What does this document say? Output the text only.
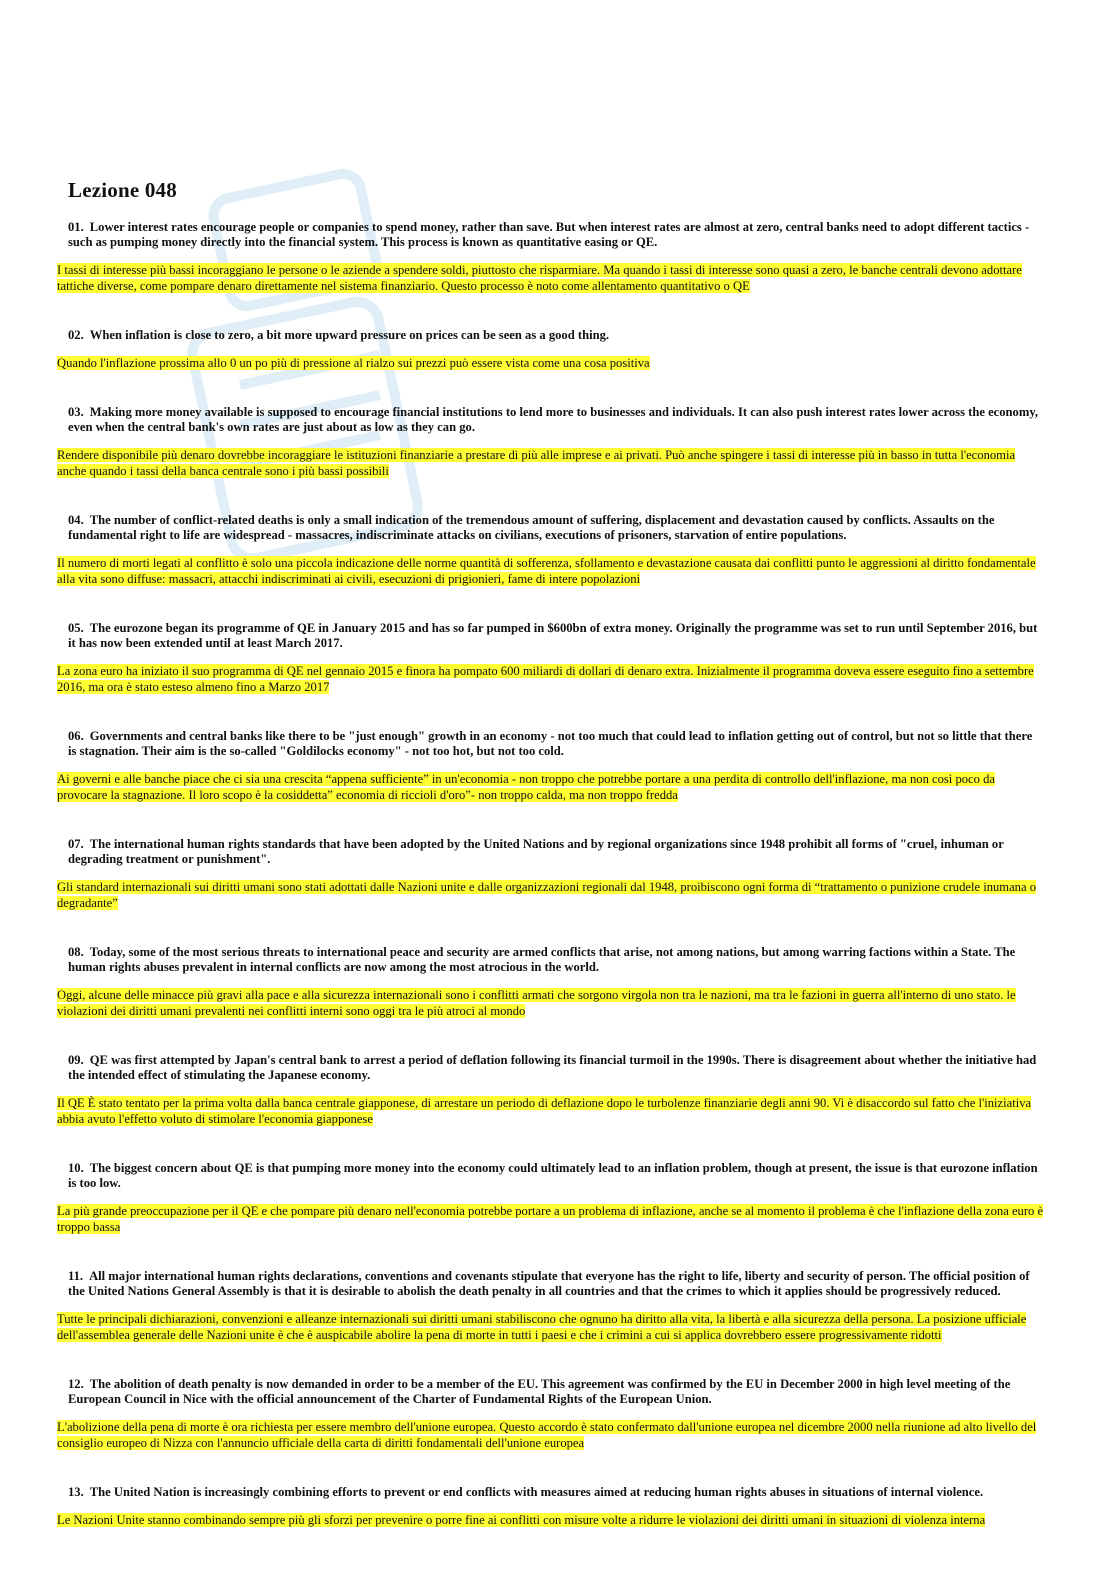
Lezione 048

01. Lower interest rates encourage people or companies to spend money, rather than save. But when interest rates are almost at zero, central banks need to adopt different tactics - such as pumping money directly into the financial system. This process is known as quantitative easing or QE.

I tassi di interesse più bassi incoraggiano le persone o le aziende a spendere soldi, piuttosto che risparmiare. Ma quando i tassi di interesse sono quasi a zero, le banche centrali devono adottare tattiche diverse, come pompare denaro direttamente nel sistema finanziario. Questo processo è noto come allentamento quantitativo o QE

02. When inflation is close to zero, a bit more upward pressure on prices can be seen as a good thing.

Quando l'inflazione prossima allo 0 un po più di pressione al rialzo sui prezzi può essere vista come una cosa positiva

03. Making more money available is supposed to encourage financial institutions to lend more to businesses and individuals. It can also push interest rates lower across the economy, even when the central bank's own rates are just about as low as they can go.

Rendere disponibile più denaro dovrebbe incoraggiare le istituzioni finanziarie a prestare di più alle imprese e ai privati. Può anche spingere i tassi di interesse più in basso in tutta l'economia anche quando i tassi della banca centrale sono i più bassi possibili

04. The number of conflict-related deaths is only a small indication of the tremendous amount of suffering, displacement and devastation caused by conflicts. Assaults on the fundamental right to life are widespread - massacres, indiscriminate attacks on civilians, executions of prisoners, starvation of entire populations.

Il numero di morti legati al conflitto è solo una piccola indicazione delle norme quantità di sofferenza, sfollamento e devastazione causata dai conflitti punto le aggressioni al diritto fondamentale alla vita sono diffuse: massacri, attacchi indiscriminati ai civili, esecuzioni di prigionieri, fame di intere popolazioni

05. The eurozone began its programme of QE in January 2015 and has so far pumped in $600bn of extra money. Originally the programme was set to run until September 2016, but it has now been extended until at least March 2017.

La zona euro ha iniziato il suo programma di QE nel gennaio 2015 e finora ha pompato 600 miliardi di dollari di denaro extra. Inizialmente il programma doveva essere eseguito fino a settembre 2016, ma ora è stato esteso almeno fino a Marzo 2017

06. Governments and central banks like there to be "just enough" growth in an economy - not too much that could lead to inflation getting out of control, but not so little that there is stagnation. Their aim is the so-called "Goldilocks economy" - not too hot, but not too cold.

Ai governi e alle banche piace che ci sia una crescita “appena sufficiente” in un'economia - non troppo che potrebbe portare a una perdita di controllo dell'inflazione, ma non così poco da provocare la stagnazione. Il loro scopo è la cosiddetta” economia di riccioli d'oro”- non troppo calda, ma non troppo fredda

07. The international human rights standards that have been adopted by the United Nations and by regional organizations since 1948 prohibit all forms of "cruel, inhuman or degrading treatment or punishment".

Gli standard internazionali sui diritti umani sono stati adottati dalle Nazioni unite e dalle organizzazioni regionali dal 1948, proibiscono ogni forma di “trattamento o punizione crudele inumana o degradante”

08. Today, some of the most serious threats to international peace and security are armed conflicts that arise, not among nations, but among warring factions within a State. The human rights abuses prevalent in internal conflicts are now among the most atrocious in the world.

Oggi, alcune delle minacce più gravi alla pace e alla sicurezza internazionali sono i conflitti armati che sorgono virgola non tra le nazioni, ma tra le fazioni in guerra all'interno di uno stato. le violazioni dei diritti umani prevalenti nei conflitti interni sono oggi tra le più atroci al mondo

09. QE was first attempted by Japan's central bank to arrest a period of deflation following its financial turmoil in the 1990s. There is disagreement about whether the initiative had the intended effect of stimulating the Japanese economy.

Il QE È stato tentato per la prima volta dalla banca centrale giapponese, di arrestare un periodo di deflazione dopo le turbolenze finanziarie degli anni 90. Vi è disaccordo sul fatto che l'iniziativa abbia avuto l'effetto voluto di stimolare l'economia giapponese

10. The biggest concern about QE is that pumping more money into the economy could ultimately lead to an inflation problem, though at present, the issue is that eurozone inflation is too low.

La più grande preoccupazione per il QE e che pompare più denaro nell'economia potrebbe portare a un problema di inflazione, anche se al momento il problema è che l'inflazione della zona euro è troppo bassa

11. All major international human rights declarations, conventions and covenants stipulate that everyone has the right to life, liberty and security of person. The official position of the United Nations General Assembly is that it is desirable to abolish the death penalty in all countries and that the crimes to which it applies should be progressively reduced.

Tutte le principali dichiarazioni, convenzioni e alleanze internazionali sui diritti umani stabiliscono che ognuno ha diritto alla vita, la libertà e alla sicurezza della persona. La posizione ufficiale dell'assemblea generale delle Nazioni unite è che è auspicabile abolire la pena di morte in tutti i paesi e che i crimini a cui si applica dovrebbero essere progressivamente ridotti

12. The abolition of death penalty is now demanded in order to be a member of the EU. This agreement was confirmed by the EU in December 2000 in high level meeting of the European Council in Nice with the official announcement of the Charter of Fundamental Rights of the European Union.

L'abolizione della pena di morte è ora richiesta per essere membro dell'unione europea. Questo accordo è stato confermato dall'unione europea nel dicembre 2000 nella riunione ad alto livello del consiglio europeo di Nizza con l'annuncio ufficiale della carta di diritti fondamentali dell'unione europea

13. The United Nation is increasingly combining efforts to prevent or end conflicts with measures aimed at reducing human rights abuses in situations of internal violence.

Le Nazioni Unite stanno combinando sempre più gli sforzi per prevenire o porre fine ai conflitti con misure volte a ridurre le violazioni dei diritti umani in situazioni di violenza interna
